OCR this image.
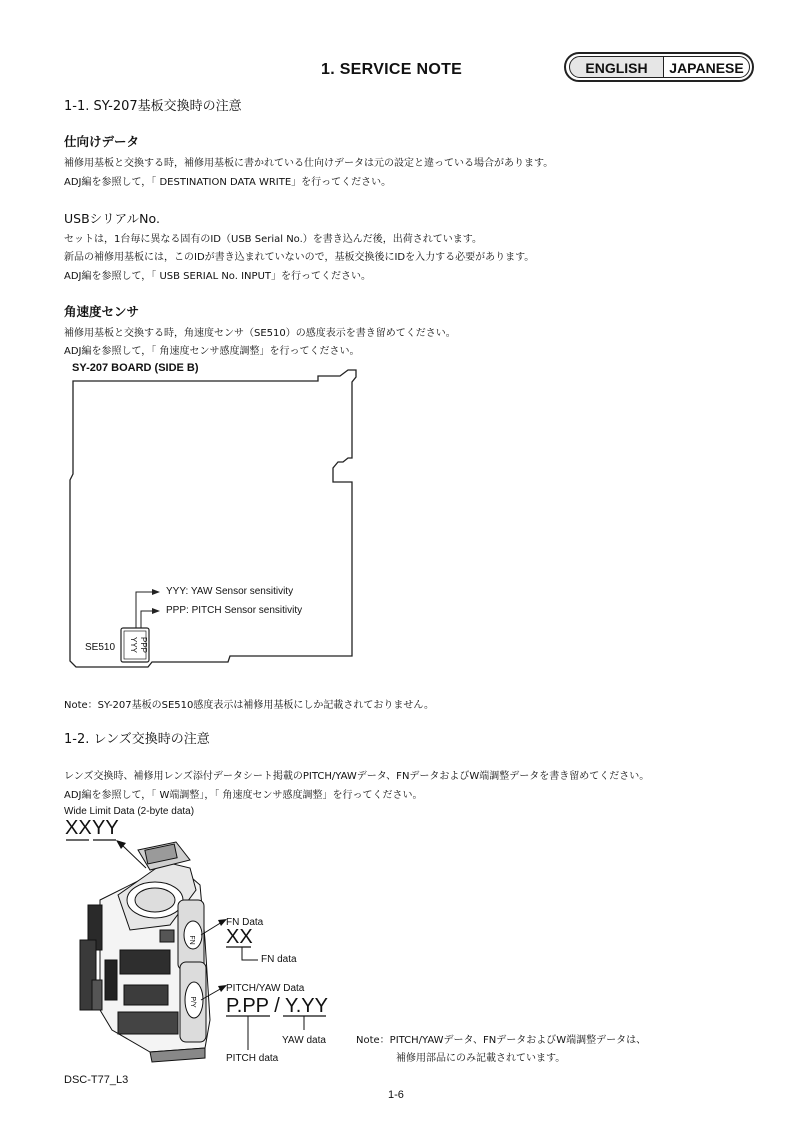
1. SERVICE NOTE	ENGLISH	JAPANESE
1-1. SY-207基板交換時の注意
仕向けデータ
補修用基板と交換する時，補修用基板に書かれている仕向けデータは元の設定と違っている場合があります。
ADJ編を参照して，「 DESTINATION DATA WRITE」を行ってください。
USBシリアルNo.
セットは，1台毎に異なる固有のID（USB Serial No.）を書き込んだ後，出荷されています。
新品の補修用基板には，このIDが書き込まれていないので，基板交換後にIDを入力する必要があります。
ADJ編を参照して，「 USB SERIAL No. INPUT」を行ってください。
角速度センサ
補修用基板と交換する時，角速度センサ（SE510）の感度表示を書き留めてください。
ADJ編を参照して，「 角速度センサ感度調整」を行ってください。
SY-207 BOARD (SIDE B)
PPP
YYY
FN
P/Y
YYY: YAW Sensor sensitivity
PPP: PITCH Sensor sensitivity
SE510
Note：SY-207基板のSE510感度表示は補修用基板にしか記載されておりません。
1-2. レンズ交換時の注意
レンズ交換時、補修用レンズ添付データシート掲載のPITCH/YAWデータ、FNデータおよびW端調整データを書き留めてください。
ADJ編を参照して，「 W端調整」，「 角速度センサ感度調整」を行ってください。
Wide Limit Data (2-byte data)
XX YY
FN Data
XX
FN data
PITCH/YAW Data
P.PP / Y.YY
YAW data
PITCH data
Note：PITCH/YAWデータ、FNデータおよびW端調整データは、
補修用部品にのみ記載されています。
DSC-T77_L3
1-6
